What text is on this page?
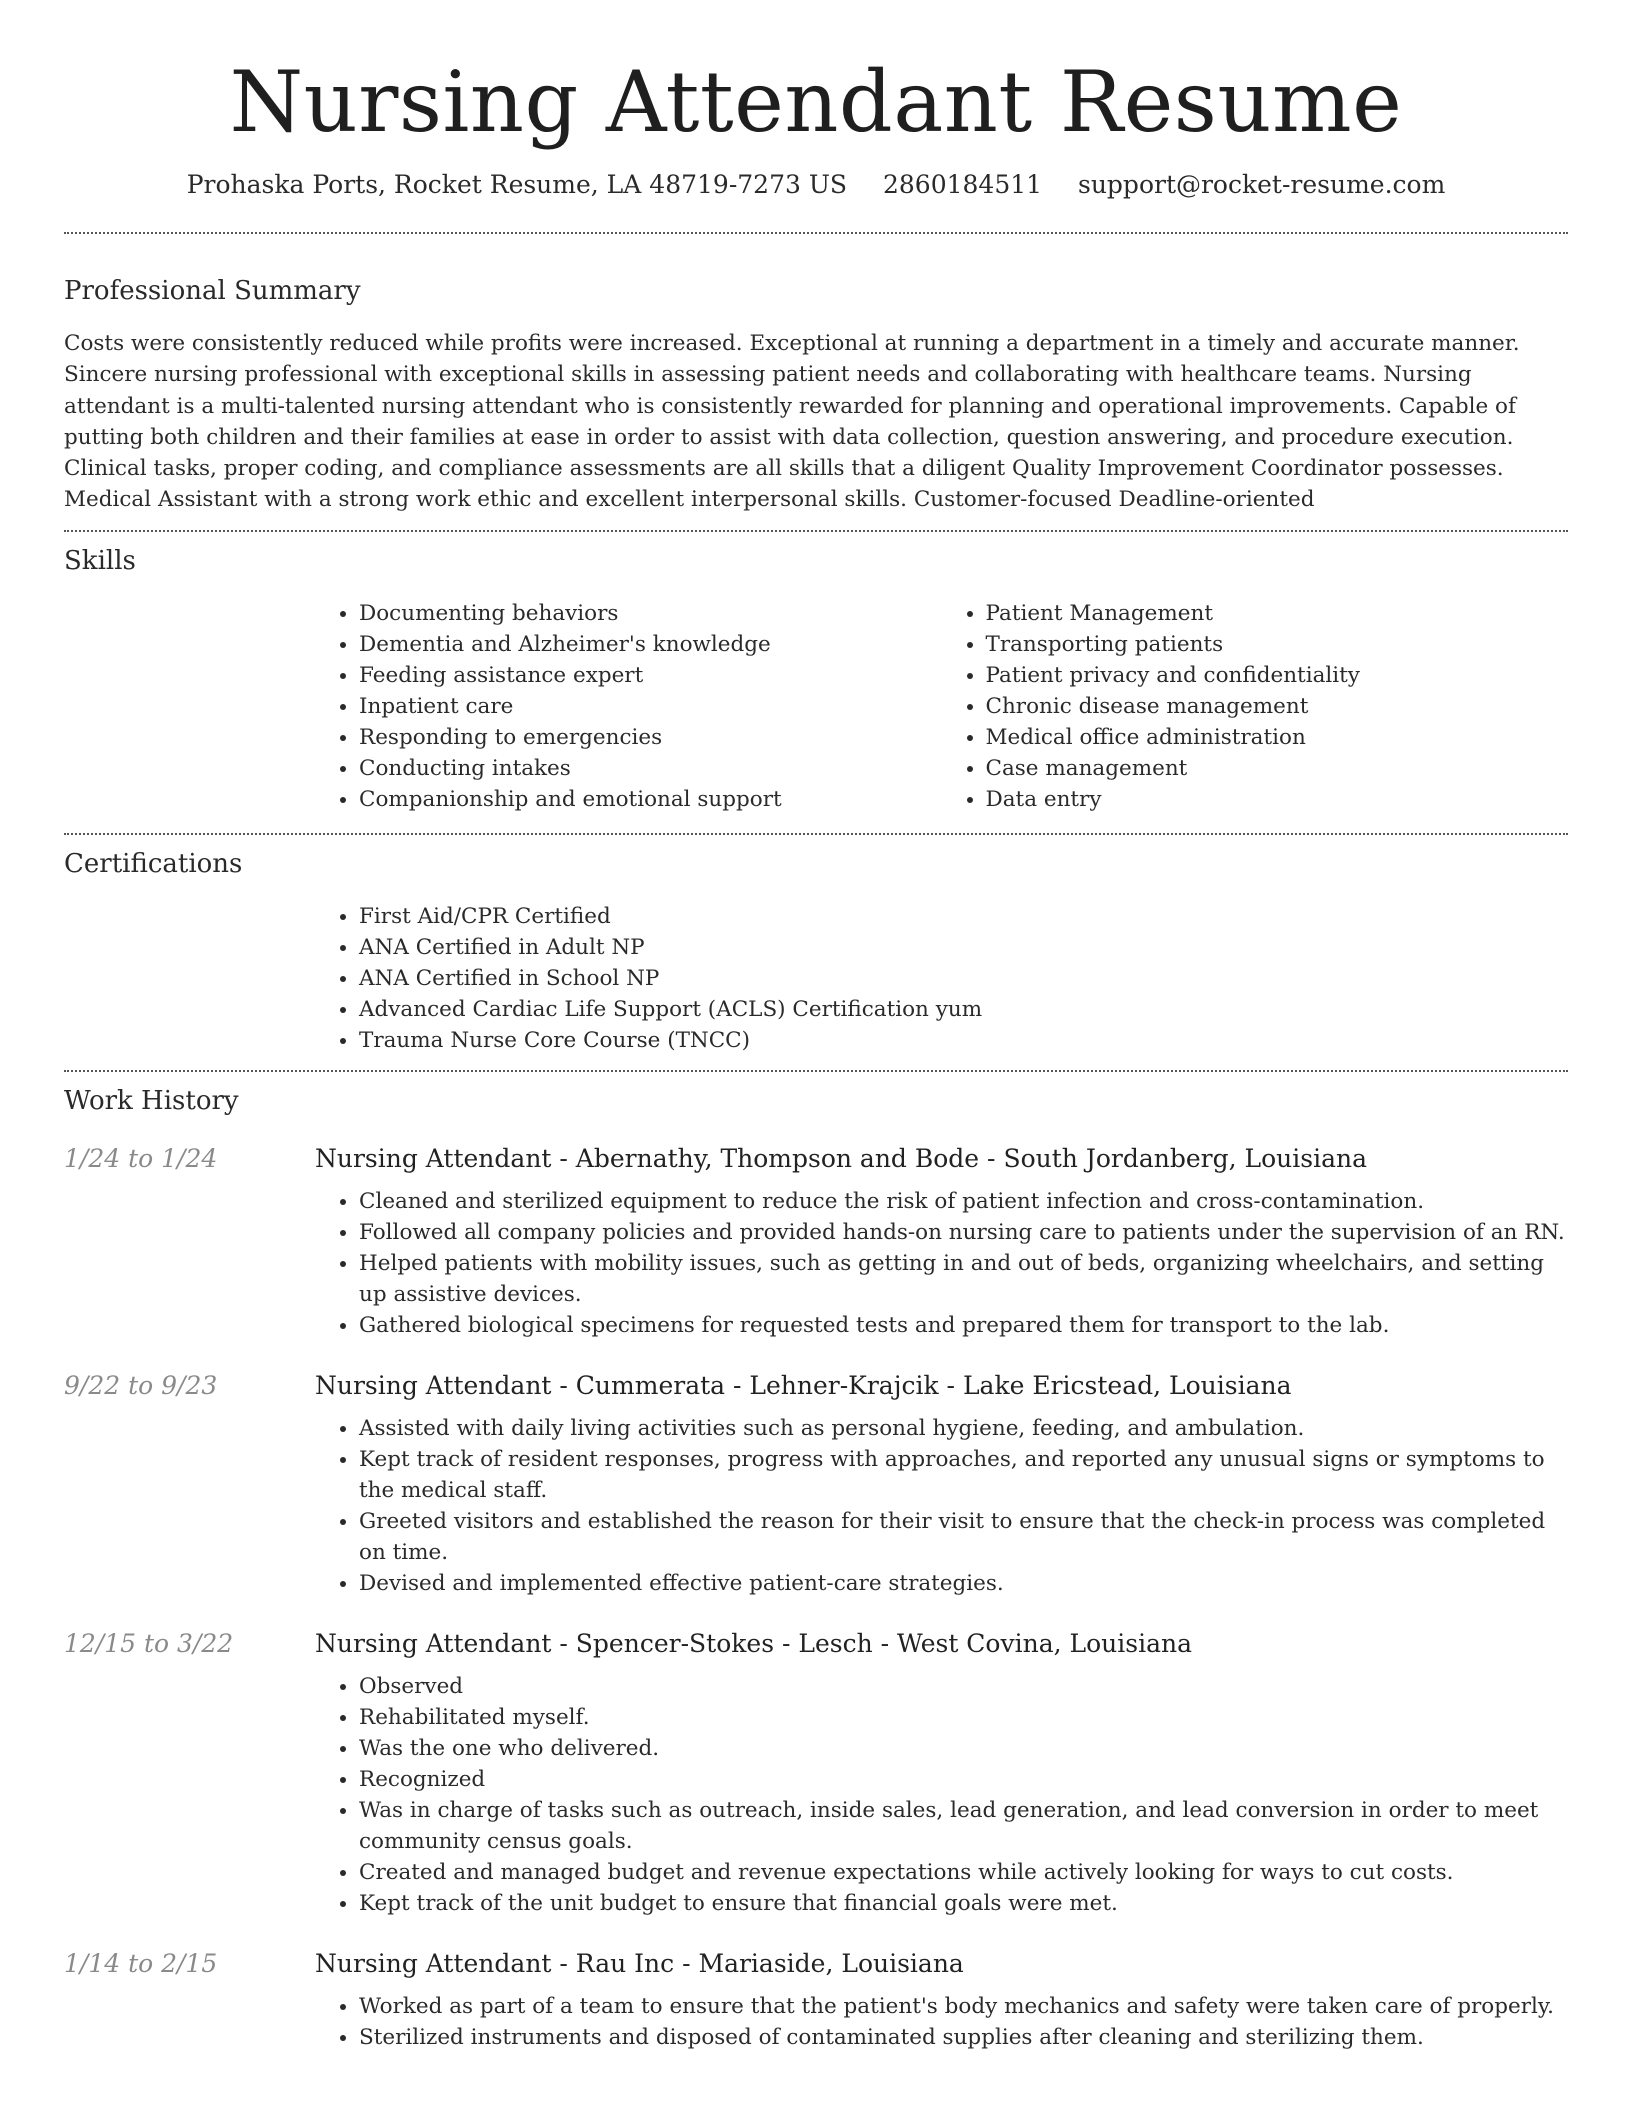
Nursing Attendant Resume
Prohaska Ports, Rocket Resume, LA 48719-7273 US 2860184511 support@rocket-resume.com
Professional Summary

Costs were consistently reduced while profits were increased. Exceptional at running a department in a timely and accurate manner. Sincere nursing professional with exceptional skills in assessing patient needs and collaborating with healthcare teams. Nursing attendant is a multi-talented nursing attendant who is consistently rewarded for planning and operational improvements. Capable of putting both children and their families at ease in order to assist with data collection, question answering, and procedure execution. Clinical tasks, proper coding, and compliance assessments are all skills that a diligent Quality Improvement Coordinator possesses. Medical Assistant with a strong work ethic and excellent interpersonal skills. Customer-focused Deadline-oriented

Skills
• Documenting behaviors
• Dementia and Alzheimer's knowledge
• Feeding assistance expert
• Inpatient care
• Responding to emergencies
• Conducting intakes
• Companionship and emotional support
• Patient Management
• Transporting patients
• Patient privacy and confidentiality
• Chronic disease management
• Medical office administration
• Case management
• Data entry
Certifications
• First Aid/CPR Certified
• ANA Certified in Adult NP
• ANA Certified in School NP
• Advanced Cardiac Life Support (ACLS) Certification yum
• Trauma Nurse Core Course (TNCC)
Work History
1/24 to 1/24	Nursing Attendant - Abernathy, Thompson and Bode - South Jordanberg, Louisiana
• Cleaned and sterilized equipment to reduce the risk of patient infection and cross-contamination.
• Followed all company policies and provided hands-on nursing care to patients under the supervision of an RN.
• Helped patients with mobility issues, such as getting in and out of beds, organizing wheelchairs, and setting up assistive devices.
• Gathered biological specimens for requested tests and prepared them for transport to the lab.
9/22 to 9/23	Nursing Attendant - Cummerata - Lehner-Krajcik - Lake Ericstead, Louisiana
• Assisted with daily living activities such as personal hygiene, feeding, and ambulation.
• Kept track of resident responses, progress with approaches, and reported any unusual signs or symptoms to the medical staff.
• Greeted visitors and established the reason for their visit to ensure that the check-in process was completed on time.
• Devised and implemented effective patient-care strategies.
12/15 to 3/22	Nursing Attendant - Spencer-Stokes - Lesch - West Covina, Louisiana
• Observed
• Rehabilitated myself.
• Was the one who delivered.
• Recognized
• Was in charge of tasks such as outreach, inside sales, lead generation, and lead conversion in order to meet community census goals.
• Created and managed budget and revenue expectations while actively looking for ways to cut costs.
• Kept track of the unit budget to ensure that financial goals were met.
1/14 to 2/15	Nursing Attendant - Rau Inc - Mariaside, Louisiana
• Worked as part of a team to ensure that the patient's body mechanics and safety were taken care of properly.
• Sterilized instruments and disposed of contaminated supplies after cleaning and sterilizing them.
